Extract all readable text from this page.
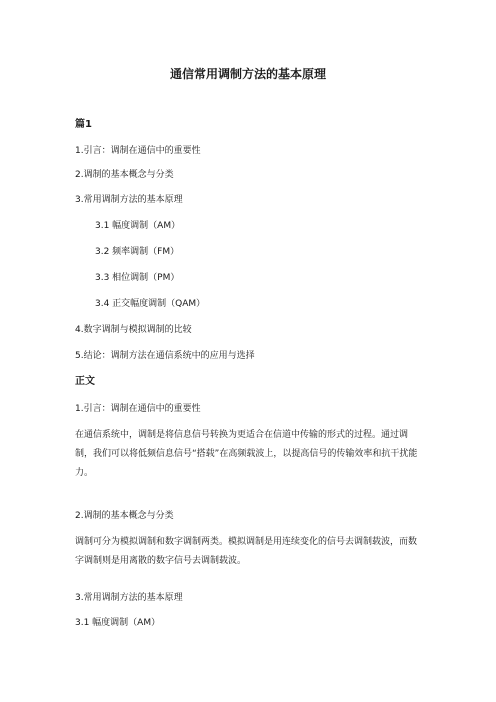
通信常用调制方法的基本原理
篇1
1.引言：调制在通信中的重要性
2.调制的基本概念与分类
3.常用调制方法的基本原理
3.1 幅度调制（AM）
3.2 频率调制（FM）
3.3 相位调制（PM）
3.4 正交幅度调制（QAM）
4.数字调制与模拟调制的比较
5.结论：调制方法在通信系统中的应用与选择
正文
1.引言：调制在通信中的重要性
在通信系统中，调制是将信息信号转换为更适合在信道中传输的形式的过程。通过调制，我们可以将低频信息信号“搭载”在高频载波上，以提高信号的传输效率和抗干扰能力。
2.调制的基本概念与分类
调制可分为模拟调制和数字调制两类。模拟调制是用连续变化的信号去调制载波，而数字调制则是用离散的数字信号去调制载波。
3.常用调制方法的基本原理
3.1 幅度调制（AM）
